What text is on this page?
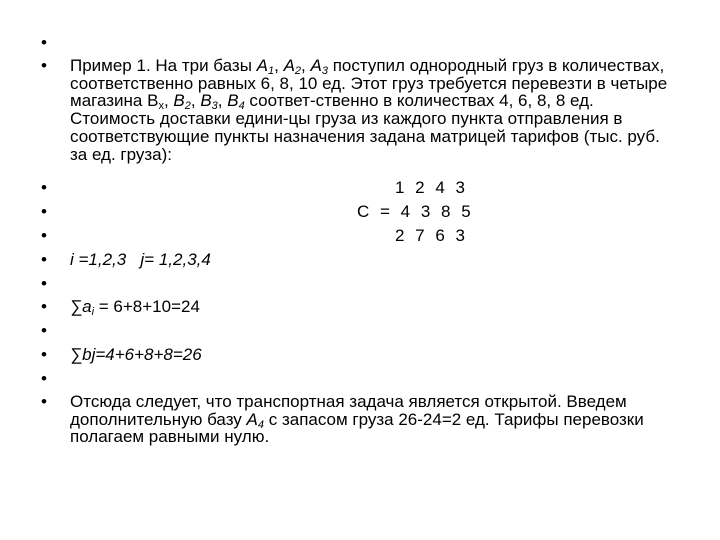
•
• Пример 1. На три базы $A_1$, $A_2$, $A_3$ поступил однородный груз в количествах, соответственно равных 6, 8, 10 ед. Этот груз требуется перевезти в четыре магазина $B_x$, $B_2$, $B_3$, $B_4$ соответ-ственно в количествах 4, 6, 8, 8 ед. Стоимость доставки едини-цы груза из каждого пункта отправления в соответствующие пункты назначения задана матрицей тарифов (тыс. руб. за ед. груза):
•	1 2 4 3
•	C = 4 3 8 5
•	2 7 6 3
• i =1,2,3   j= 1,2,3,4
•
• $\sum a_i = 6+8+10=24$
•
• ∑bj=4+6+8+8=26
•
• Отсюда следует, что транспортная задача является открытой. Введем дополнительную базу $A_4$ с запасом груза 26-24=2 ед. Тарифы перевозки полагаем равными нулю.
